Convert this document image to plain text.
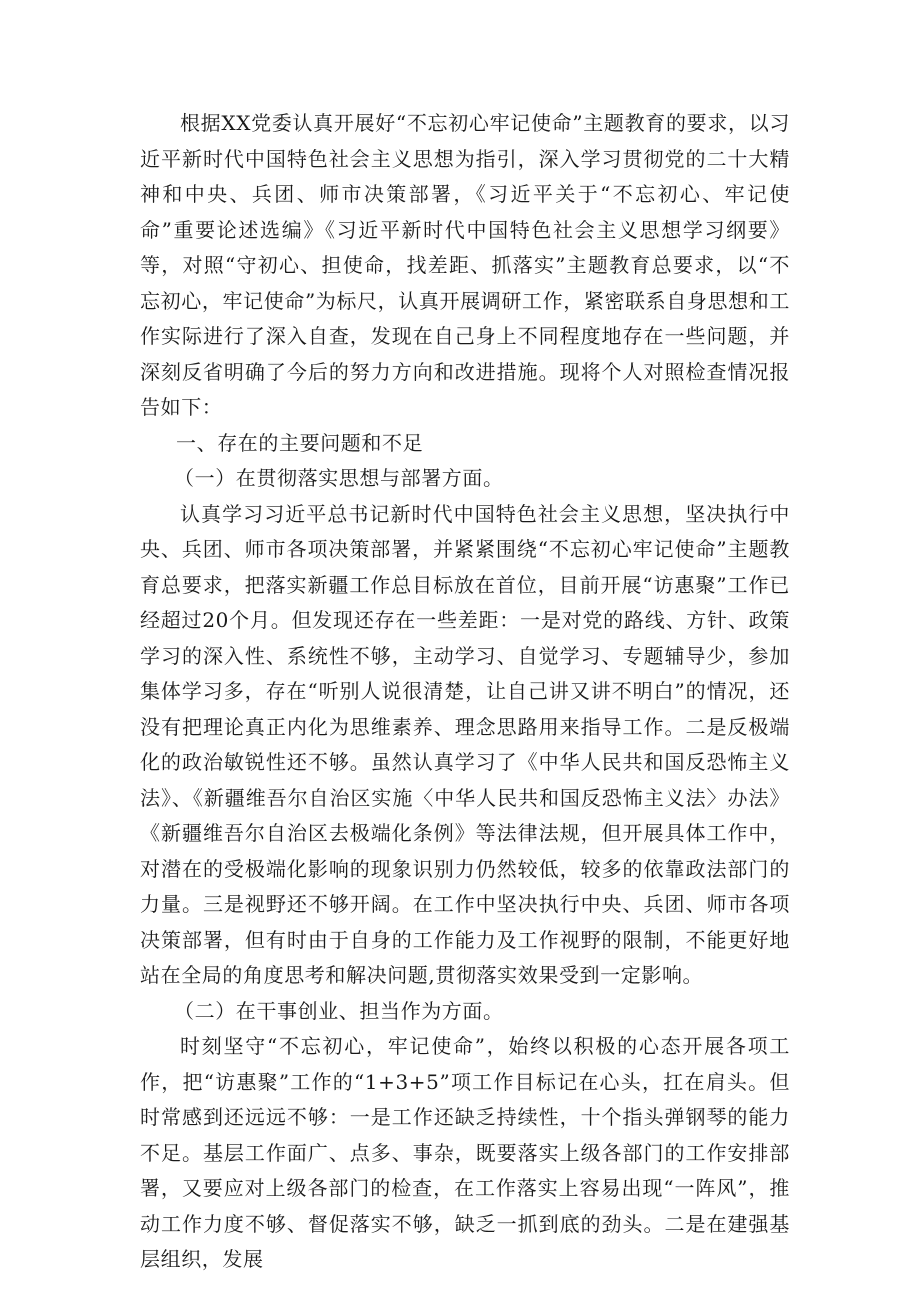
根据XX党委认真开展好“不忘初心牢记使命”主题教育的要求，以习近平新时代中国特色社会主义思想为指引，深入学习贯彻党的二十大精神和中央、兵团、师市决策部署，《习近平关于“不忘初心、牢记使命”重要论述选编》《习近平新时代中国特色社会主义思想学习纲要》等，对照“守初心、担使命，找差距、抓落实”主题教育总要求，以“不忘初心，牢记使命”为标尺，认真开展调研工作，紧密联系自身思想和工作实际进行了深入自查，发现在自己身上不同程度地存在一些问题，并深刻反省明确了今后的努力方向和改进措施。现将个人对照检查情况报告如下：

一、存在的主要问题和不足

（一）在贯彻落实思想与部署方面。

认真学习习近平总书记新时代中国特色社会主义思想，坚决执行中央、兵团、师市各项决策部署，并紧紧围绕“不忘初心牢记使命”主题教育总要求，把落实新疆工作总目标放在首位，目前开展“访惠聚”工作已经超过20个月。但发现还存在一些差距：一是对党的路线、方针、政策学习的深入性、系统性不够，主动学习、自觉学习、专题辅导少，参加集体学习多，存在“听别人说很清楚，让自己讲又讲不明白”的情况，还没有把理论真正内化为思维素养、理念思路用来指导工作。二是反极端化的政治敏锐性还不够。虽然认真学习了《中华人民共和国反恐怖主义法》、《新疆维吾尔自治区实施〈中华人民共和国反恐怖主义法〉办法》《新疆维吾尔自治区去极端化条例》等法律法规，但开展具体工作中，对潜在的受极端化影响的现象识别力仍然较低，较多的依靠政法部门的力量。三是视野还不够开阔。在工作中坚决执行中央、兵团、师市各项决策部署，但有时由于自身的工作能力及工作视野的限制，不能更好地站在全局的角度思考和解决问题,贯彻落实效果受到一定影响。

（二）在干事创业、担当作为方面。

时刻坚守“不忘初心，牢记使命”，始终以积极的心态开展各项工作，把“访惠聚”工作的“1+3+5”项工作目标记在心头，扛在肩头。但时常感到还远远不够：一是工作还缺乏持续性，十个指头弹钢琴的能力不足。基层工作面广、点多、事杂，既要落实上级各部门的工作安排部署，又要应对上级各部门的检查，在工作落实上容易出现“一阵风”，推动工作力度不够、督促落实不够，缺乏一抓到底的劲头。二是在建强基层组织，发展
